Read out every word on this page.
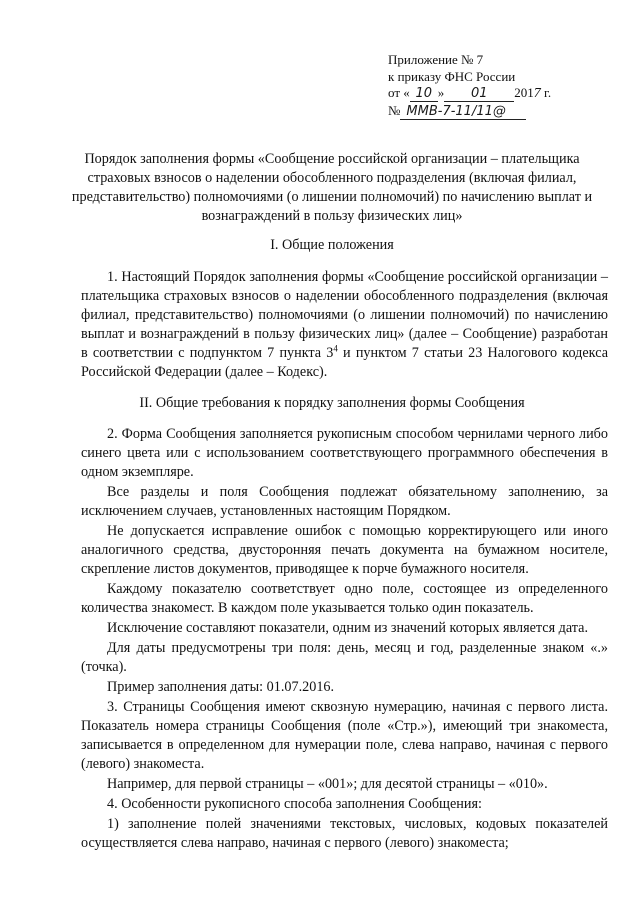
Приложение № 7
к приказу ФНС России
от « 10 » 01 2017 г.
№ ММВ-7-11/11@
Порядок заполнения формы «Сообщение российской организации – плательщика страховых взносов о наделении обособленного подразделения (включая филиал, представительство) полномочиями (о лишении полномочий) по начислению выплат и вознаграждений в пользу физических лиц»
I. Общие положения

1. Настоящий Порядок заполнения формы «Сообщение российской организации – плательщика страховых взносов о наделении обособленного подразделения (включая филиал, представительство) полномочиями (о лишении полномочий) по начислению выплат и вознаграждений в пользу физических лиц» (далее – Сообщение) разработан в соответствии с подпунктом 7 пункта $3^4$ и пунктом 7 статьи 23 Налогового кодекса Российской Федерации (далее – Кодекс).

II. Общие требования к порядку заполнения формы Сообщения

2. Форма Сообщения заполняется рукописным способом чернилами черного либо синего цвета или с использованием соответствующего программного обеспечения в одном экземпляре.

Все разделы и поля Сообщения подлежат обязательному заполнению, за исключением случаев, установленных настоящим Порядком.

Не допускается исправление ошибок с помощью корректирующего или иного аналогичного средства, двусторонняя печать документа на бумажном носителе, скрепление листов документов, приводящее к порче бумажного носителя.

Каждому показателю соответствует одно поле, состоящее из определенного количества знакомест. В каждом поле указывается только один показатель.

Исключение составляют показатели, одним из значений которых является дата.

Для даты предусмотрены три поля: день, месяц и год, разделенные знаком «.» (точка).

Пример заполнения даты: 01.07.2016.

3. Страницы Сообщения имеют сквозную нумерацию, начиная с первого листа. Показатель номера страницы Сообщения (поле «Стр.»), имеющий три знакоместа, записывается в определенном для нумерации поле, слева направо, начиная с первого (левого) знакоместа.

Например, для первой страницы – «001»; для десятой страницы – «010».

4. Особенности рукописного способа заполнения Сообщения:

1) заполнение полей значениями текстовых, числовых, кодовых показателей осуществляется слева направо, начиная с первого (левого) знакоместа;
